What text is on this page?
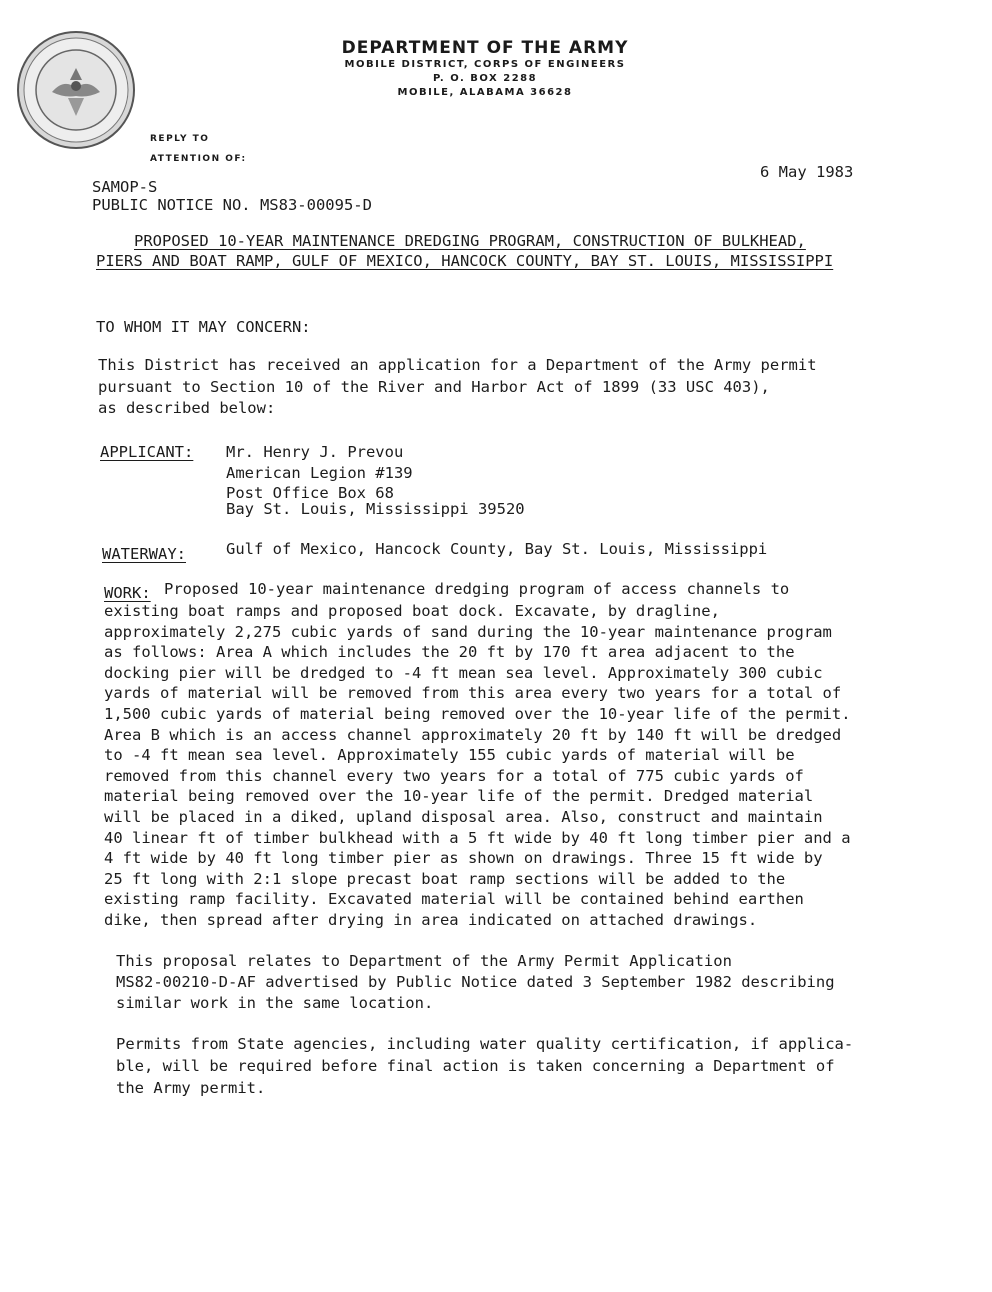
DEPARTMENT OF THE ARMY

MOBILE DISTRICT, CORPS OF ENGINEERS

P. O. BOX 2288

MOBILE, ALABAMA 36628

REPLY TO
ATTENTION OF:
6 May 1983
SAMOP-S
PUBLIC NOTICE NO. MS83-00095-D
PROPOSED 10-YEAR MAINTENANCE DREDGING PROGRAM, CONSTRUCTION OF BULKHEAD,
PIERS AND BOAT RAMP, GULF OF MEXICO, HANCOCK COUNTY, BAY ST. LOUIS, MISSISSIPPI
TO WHOM IT MAY CONCERN:
This District has received an application for a Department of the Army permit
pursuant to Section 10 of the River and Harbor Act of 1899 (33 USC 403),
as described below:
APPLICANT: Mr. Henry J. Prevou
American Legion #139
Post Office Box 68
Bay St. Louis, Mississippi 39520
WATERWAY:	Gulf of Mexico, Hancock County, Bay St. Louis, Mississippi
WORK: Proposed 10-year maintenance dredging program of access channels to
existing boat ramps and proposed boat dock. Excavate, by dragline,
approximately 2,275 cubic yards of sand during the 10-year maintenance program
as follows: Area A which includes the 20 ft by 170 ft area adjacent to the
docking pier will be dredged to -4 ft mean sea level. Approximately 300 cubic
yards of material will be removed from this area every two years for a total of
1,500 cubic yards of material being removed over the 10-year life of the permit.
Area B which is an access channel approximately 20 ft by 140 ft will be dredged
to -4 ft mean sea level. Approximately 155 cubic yards of material will be
removed from this channel every two years for a total of 775 cubic yards of
material being removed over the 10-year life of the permit. Dredged material
will be placed in a diked, upland disposal area. Also, construct and maintain
40 linear ft of timber bulkhead with a 5 ft wide by 40 ft long timber pier and a
4 ft wide by 40 ft long timber pier as shown on drawings. Three 15 ft wide by
25 ft long with 2:1 slope precast boat ramp sections will be added to the
existing ramp facility. Excavated material will be contained behind earthen
dike, then spread after drying in area indicated on attached drawings.
This proposal relates to Department of the Army Permit Application
MS82-00210-D-AF advertised by Public Notice dated 3 September 1982 describing
similar work in the same location.
Permits from State agencies, including water quality certification, if applica-
ble, will be required before final action is taken concerning a Department of
the Army permit.
